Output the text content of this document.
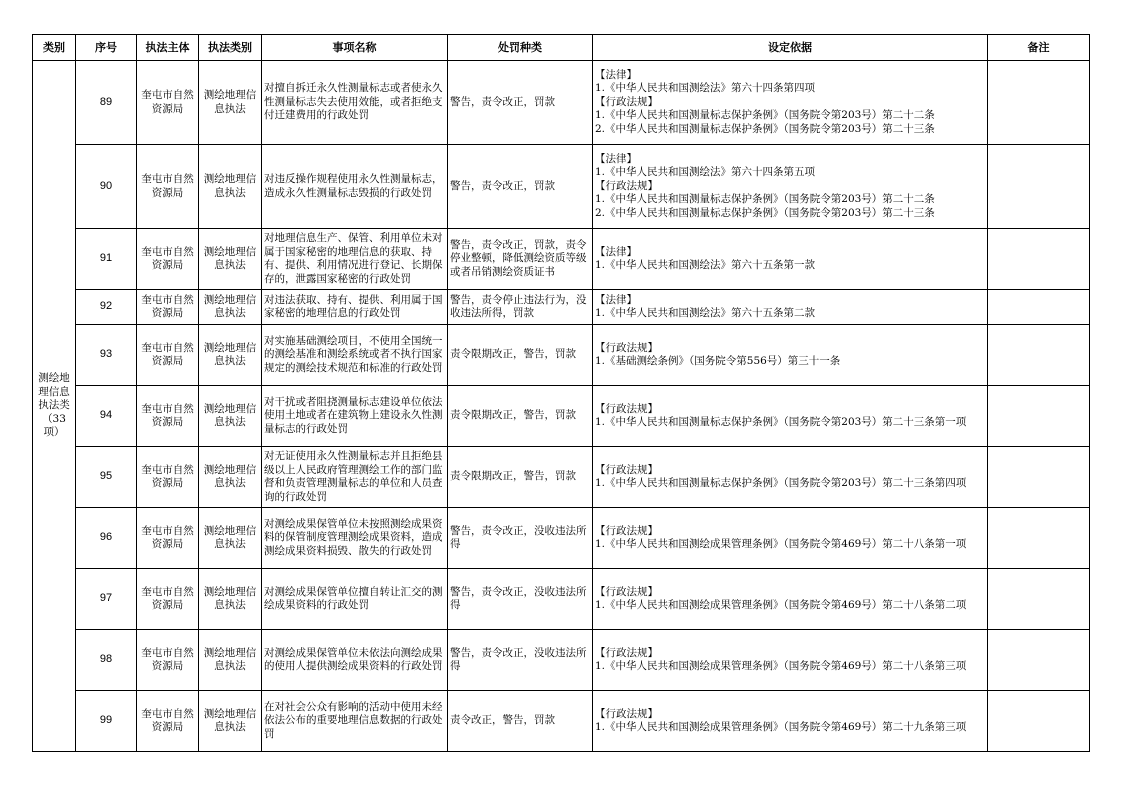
类别	序号	执法主体	执法类别	事项名称	处罚种类	设定依据	备注
测绘地理信息执法类（33项）	89	奎屯市自然资源局	测绘地理信息执法	对擅自拆迁永久性测量标志或者使永久性测量标志失去使用效能，或者拒绝支付迁建费用的行政处罚	警告，责令改正，罚款	【法律】
1.《中华人民共和国测绘法》第六十四条第四项
【行政法规】
1.《中华人民共和国测量标志保护条例》（国务院令第203号）第二十二条
2.《中华人民共和国测量标志保护条例》（国务院令第203号）第二十三条	

	90	奎屯市自然资源局	测绘地理信息执法	对违反操作规程使用永久性测量标志，造成永久性测量标志毁损的行政处罚	警告，责令改正，罚款	【法律】
1.《中华人民共和国测绘法》第六十四条第五项
【行政法规】
1.《中华人民共和国测量标志保护条例》（国务院令第203号）第二十二条
2.《中华人民共和国测量标志保护条例》（国务院令第203号）第二十三条	

	91	奎屯市自然资源局	测绘地理信息执法	对地理信息生产、保管、利用单位未对属于国家秘密的地理信息的获取、持有、提供、利用情况进行登记、长期保存的，泄露国家秘密的行政处罚	警告，责令改正，罚款，责令停业整顿，降低测绘资质等级或者吊销测绘资质证书	【法律】
1.《中华人民共和国测绘法》第六十五条第一款	

	92	奎屯市自然资源局	测绘地理信息执法	对违法获取、持有、提供、利用属于国家秘密的地理信息的行政处罚	警告，责令停止违法行为，没收违法所得，罚款	【法律】
1.《中华人民共和国测绘法》第六十五条第二款	

	93	奎屯市自然资源局	测绘地理信息执法	对实施基础测绘项目，不使用全国统一的测绘基准和测绘系统或者不执行国家规定的测绘技术规范和标准的行政处罚	责令限期改正，警告，罚款	【行政法规】
1.《基础测绘条例》（国务院令第556号）第三十一条	

	94	奎屯市自然资源局	测绘地理信息执法	对干扰或者阻挠测量标志建设单位依法使用土地或者在建筑物上建设永久性测量标志的行政处罚	责令限期改正，警告，罚款	【行政法规】
1.《中华人民共和国测量标志保护条例》（国务院令第203号）第二十三条第一项	

	95	奎屯市自然资源局	测绘地理信息执法	对无证使用永久性测量标志并且拒绝县级以上人民政府管理测绘工作的部门监督和负责管理测量标志的单位和人员查询的行政处罚	责令限期改正，警告，罚款	【行政法规】
1.《中华人民共和国测量标志保护条例》（国务院令第203号）第二十三条第四项	

	96	奎屯市自然资源局	测绘地理信息执法	对测绘成果保管单位未按照测绘成果资料的保管制度管理测绘成果资料，造成测绘成果资料损毁、散失的行政处罚	警告，责令改正，没收违法所得	【行政法规】
1.《中华人民共和国测绘成果管理条例》（国务院令第469号）第二十八条第一项	

	97	奎屯市自然资源局	测绘地理信息执法	对测绘成果保管单位擅自转让汇交的测绘成果资料的行政处罚	警告，责令改正，没收违法所得	【行政法规】
1.《中华人民共和国测绘成果管理条例》（国务院令第469号）第二十八条第二项	

	98	奎屯市自然资源局	测绘地理信息执法	对测绘成果保管单位未依法向测绘成果的使用人提供测绘成果资料的行政处罚	警告，责令改正，没收违法所得	【行政法规】
1.《中华人民共和国测绘成果管理条例》（国务院令第469号）第二十八条第三项	

	99	奎屯市自然资源局	测绘地理信息执法	在对社会公众有影响的活动中使用未经依法公布的重要地理信息数据的行政处罚	责令改正，警告，罚款	【行政法规】
1.《中华人民共和国测绘成果管理条例》（国务院令第469号）第二十九条第三项	
